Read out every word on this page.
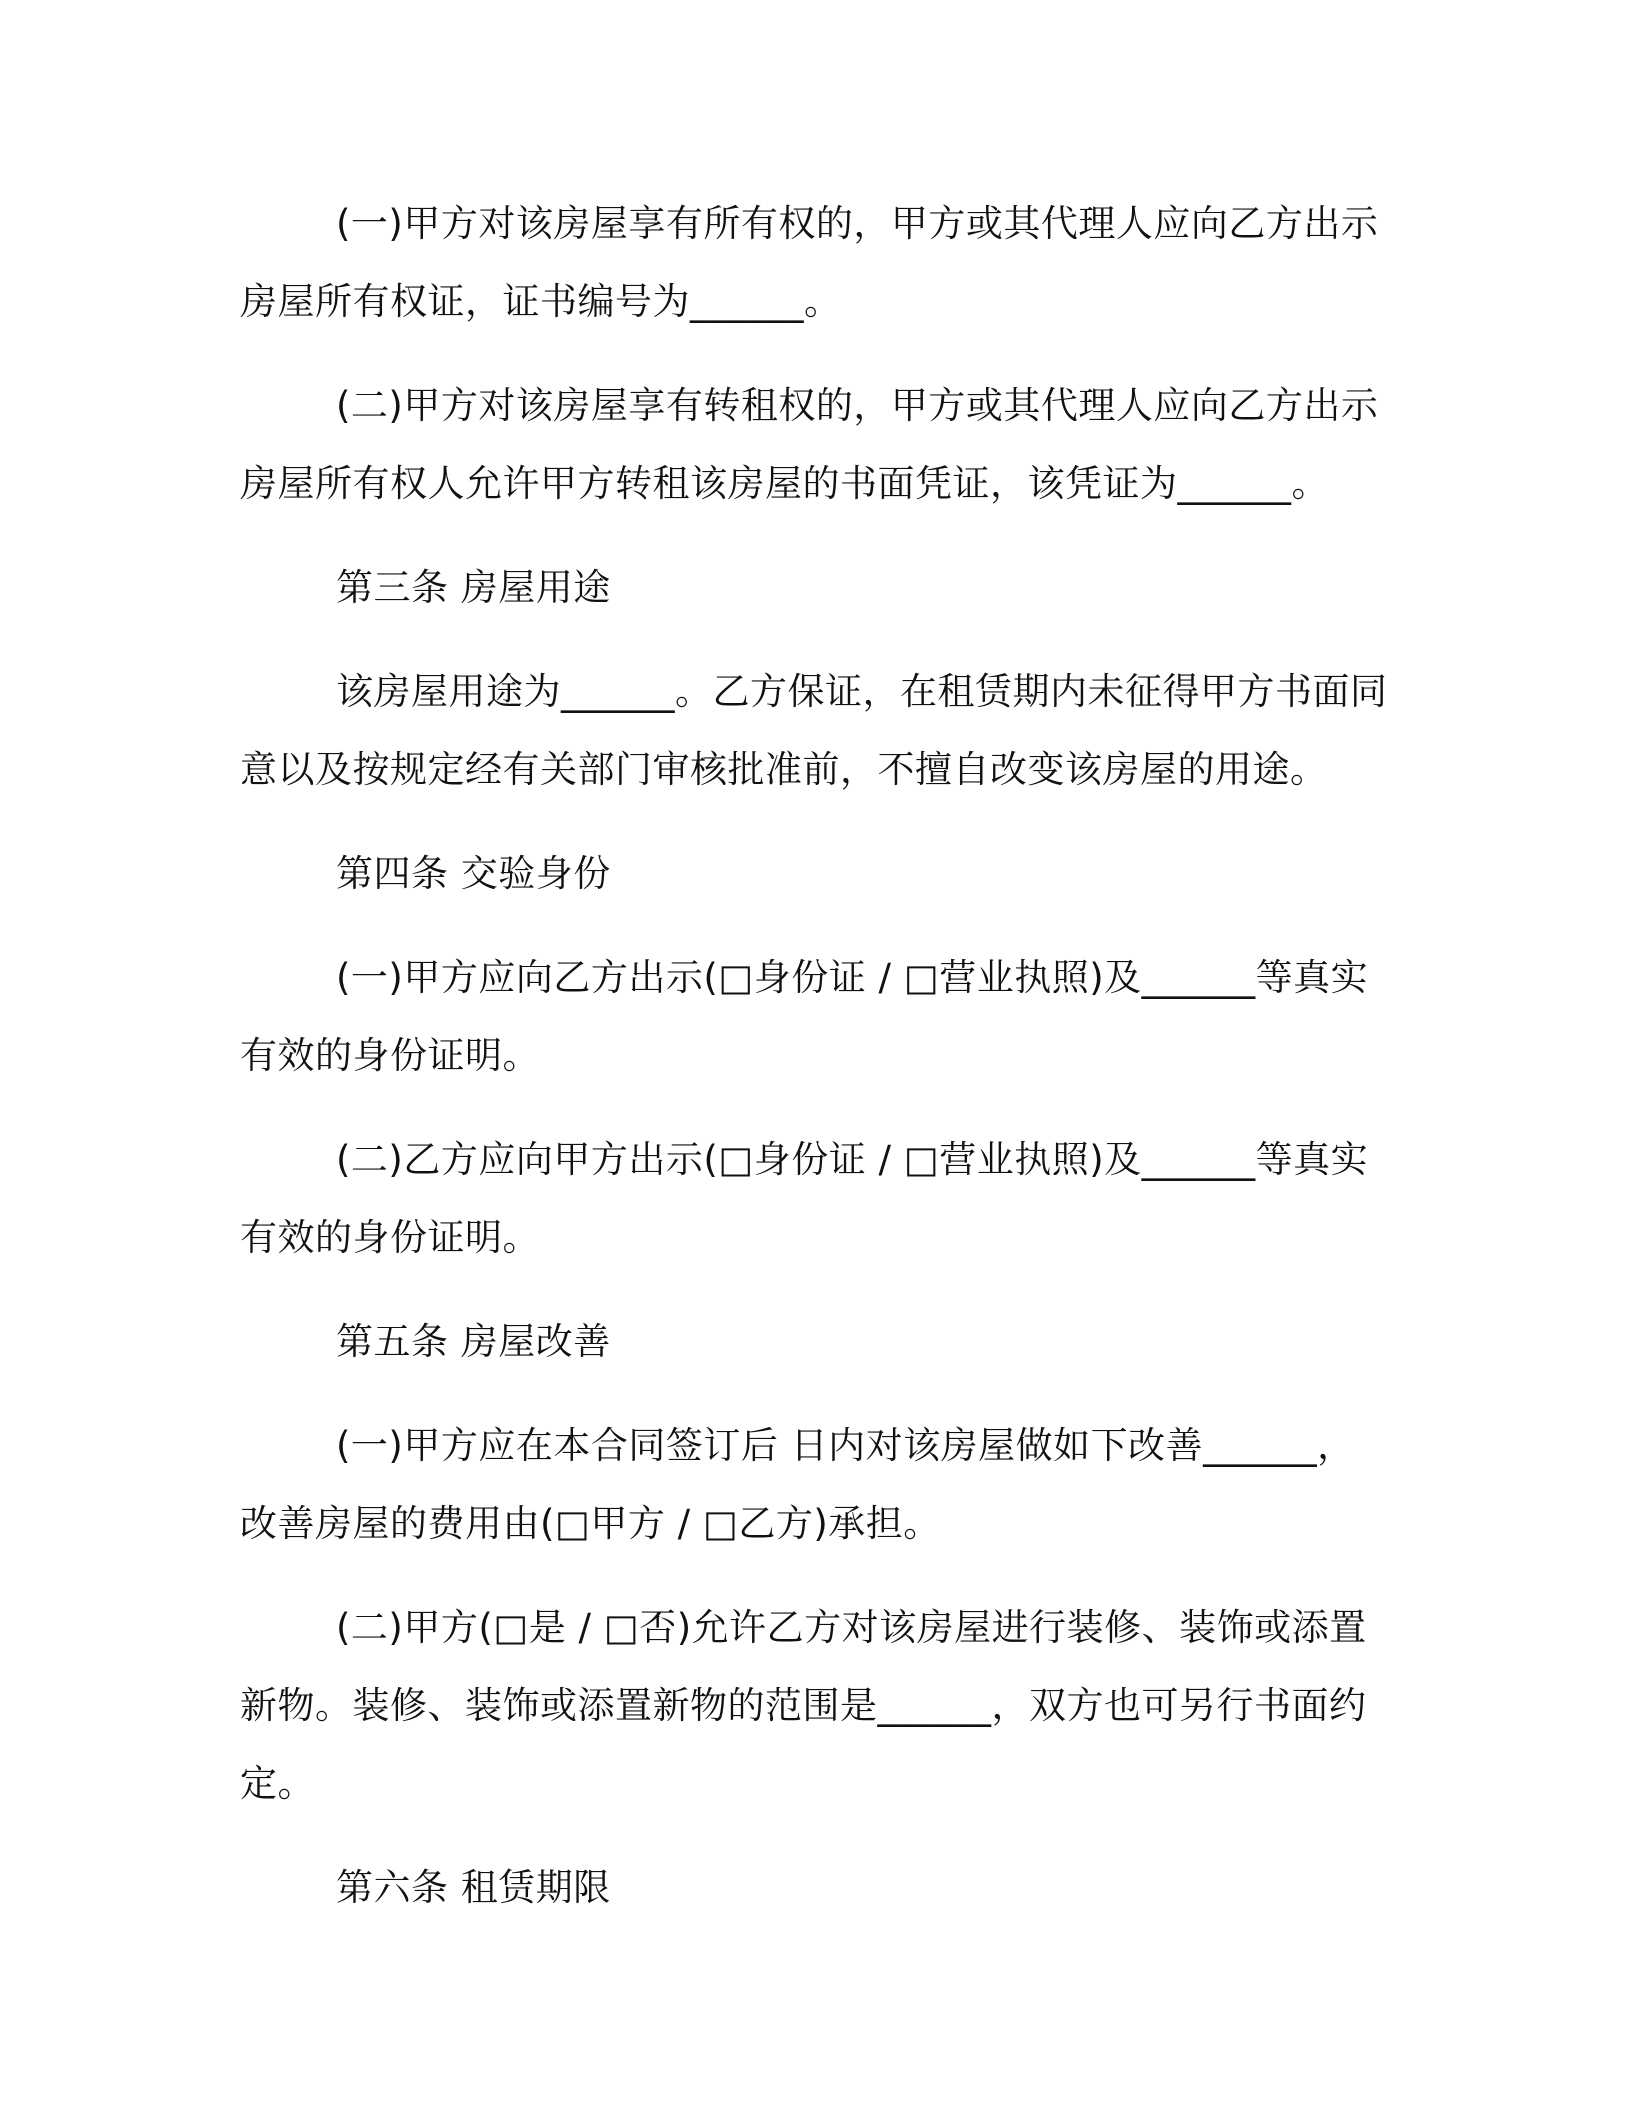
(一)甲方对该房屋享有所有权的，甲方或其代理人应向乙方出示房屋所有权证，证书编号为______。

(二)甲方对该房屋享有转租权的，甲方或其代理人应向乙方出示房屋所有权人允许甲方转租该房屋的书面凭证，该凭证为______。

第三条 房屋用途

该房屋用途为______。乙方保证，在租赁期内未征得甲方书面同意以及按规定经有关部门审核批准前，不擅自改变该房屋的用途。

第四条 交验身份

(一)甲方应向乙方出示(□身份证 / □营业执照)及______等真实有效的身份证明。

(二)乙方应向甲方出示(□身份证 / □营业执照)及______等真实有效的身份证明。

第五条 房屋改善

(一)甲方应在本合同签订后 日内对该房屋做如下改善______，改善房屋的费用由(□甲方 / □乙方)承担。

(二)甲方(□是 / □否)允许乙方对该房屋进行装修、装饰或添置新物。装修、装饰或添置新物的范围是______，双方也可另行书面约定。

第六条 租赁期限
